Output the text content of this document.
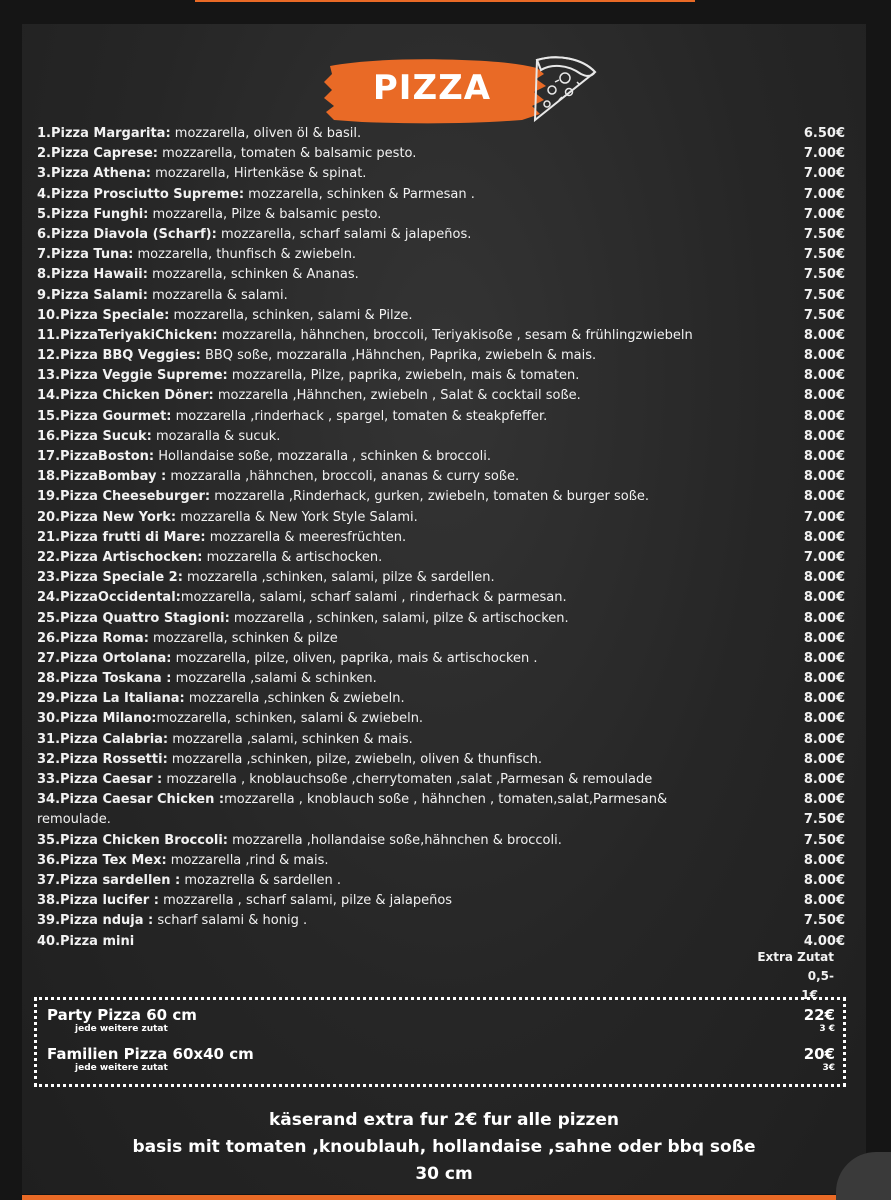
PIZZA
1.Pizza Margarita: mozzarella, oliven öl & basil.	6.50€
2.Pizza Caprese: mozzarella, tomaten & balsamic pesto.	7.00€
3.Pizza Athena: mozzarella, Hirtenkäse & spinat.	7.00€
4.Pizza Prosciutto Supreme: mozzarella, schinken & Parmesan .	7.00€
5.Pizza Funghi: mozzarella, Pilze & balsamic pesto.	7.00€
6.Pizza Diavola (Scharf): mozzarella, scharf salami & jalapeños.	7.50€
7.Pizza Tuna: mozzarella, thunfisch & zwiebeln.	7.50€
8.Pizza Hawaii: mozzarella, schinken & Ananas.	7.50€
9.Pizza Salami: mozzarella & salami.	7.50€
10.Pizza Speciale: mozzarella, schinken, salami & Pilze.	7.50€
11.PizzaTeriyakiChicken: mozzarella, hähnchen, broccoli, Teriyakisoße , sesam & frühlingzwiebeln	8.00€
12.Pizza BBQ Veggies: BBQ soße, mozzaralla ,Hähnchen, Paprika, zwiebeln & mais.	8.00€
13.Pizza Veggie Supreme: mozzarella, Pilze, paprika, zwiebeln, mais & tomaten.	8.00€
14.Pizza Chicken Döner: mozzarella ,Hähnchen, zwiebeln , Salat & cocktail soße.	8.00€
15.Pizza Gourmet: mozzarella ,rinderhack , spargel, tomaten & steakpfeffer.	8.00€
16.Pizza Sucuk: mozaralla & sucuk.	8.00€
17.PizzaBoston: Hollandaise soße, mozzaralla , schinken & broccoli.	8.00€
18.PizzaBombay : mozzaralla ,hähnchen, broccoli, ananas & curry soße.	8.00€
19.Pizza Cheeseburger: mozzarella ,Rinderhack, gurken, zwiebeln, tomaten & burger soße.	8.00€
20.Pizza New York: mozzarella & New York Style Salami.	7.00€
21.Pizza frutti di Mare: mozzarella & meeresfrüchten.	8.00€
22.Pizza Artischocken: mozzarella & artischocken.	7.00€
23.Pizza Speciale 2: mozzarella ,schinken, salami, pilze & sardellen.	8.00€
24.PizzaOccidental:mozzarella, salami, scharf salami , rinderhack & parmesan.	8.00€
25.Pizza Quattro Stagioni: mozzarella , schinken, salami, pilze & artischocken.	8.00€
26.Pizza Roma: mozzarella, schinken & pilze	8.00€
27.Pizza Ortolana: mozzarella, pilze, oliven, paprika, mais & artischocken .	8.00€
28.Pizza Toskana : mozzarella ,salami & schinken.	8.00€
29.Pizza La Italiana: mozzarella ,schinken & zwiebeln.	8.00€
30.Pizza Milano:mozzarella, schinken, salami & zwiebeln.	8.00€
31.Pizza Calabria: mozzarella ,salami, schinken & mais.	8.00€
32.Pizza Rossetti: mozzarella ,schinken, pilze, zwiebeln, oliven & thunfisch.	8.00€
33.Pizza Caesar : mozzarella , knoblauchsoße ,cherrytomaten ,salat ,Parmesan & remoulade	8.00€
34.Pizza Caesar Chicken :mozzarella , knoblauch soße , hähnchen , tomaten,salat,Parmesan&	8.00€
remoulade.	7.50€
35.Pizza Chicken Broccoli: mozzarella ,hollandaise soße,hähnchen & broccoli.	7.50€
36.Pizza Tex Mex: mozzarella ,rind & mais.	8.00€
37.Pizza sardellen : mozazrella & sardellen .	8.00€
38.Pizza lucifer : mozzarella , scharf salami, pilze & jalapeños	8.00€
39.Pizza nduja : scharf salami & honig .	7.50€
40.Pizza mini	4.00€
Extra Zutat 0,5-
1€
Party Pizza 60 cm	22€
jede weitere zutat	3 €
Familien Pizza 60x40 cm	20€
jede weitere zutat	3€
käserand extra fur 2€ fur alle pizzen
basis mit tomaten ,knoublauh, hollandaise ,sahne oder bbq soße
30 cm
